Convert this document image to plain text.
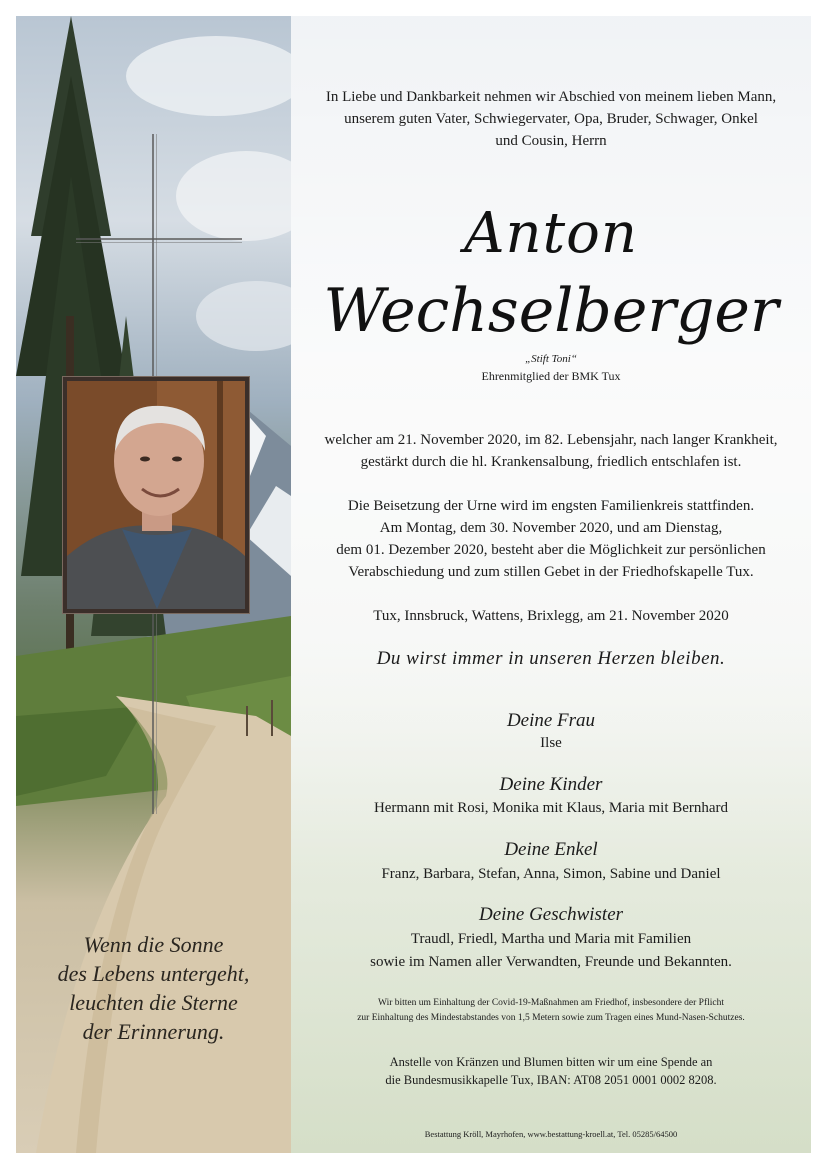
Wenn die Sonne
des Lebens untergeht,
leuchten die Sterne
der Erinnerung.
In Liebe und Dankbarkeit nehmen wir Abschied von meinem lieben Mann,
unserem guten Vater, Schwiegervater, Opa, Bruder, Schwager, Onkel
und Cousin, Herrn
Anton
Wechselberger
„Stift Toni“
Ehrenmitglied der BMK Tux
welcher am 21. November 2020, im 82. Lebensjahr, nach langer Krankheit,
gestärkt durch die hl. Krankensalbung, friedlich entschlafen ist.
Die Beisetzung der Urne wird im engsten Familienkreis stattfinden.
Am Montag, dem 30. November 2020, und am Dienstag,
dem 01. Dezember 2020, besteht aber die Möglichkeit zur persönlichen
Verabschiedung und zum stillen Gebet in der Friedhofskapelle Tux.
Tux, Innsbruck, Wattens, Brixlegg, am 21. November 2020
Du wirst immer in unseren Herzen bleiben.
Deine Frau
Ilse
Deine Kinder
Hermann mit Rosi, Monika mit Klaus, Maria mit Bernhard
Deine Enkel
Franz, Barbara, Stefan, Anna, Simon, Sabine und Daniel
Deine Geschwister
Traudl, Friedl, Martha und Maria mit Familien
sowie im Namen aller Verwandten, Freunde und Bekannten.
Wir bitten um Einhaltung der Covid-19-Maßnahmen am Friedhof, insbesondere der Pflicht
zur Einhaltung des Mindestabstandes von 1,5 Metern sowie zum Tragen eines Mund-Nasen-Schutzes.
Anstelle von Kränzen und Blumen bitten wir um eine Spende an
die Bundesmusikkapelle Tux, IBAN: AT08 2051 0001 0002 8208.
Bestattung Kröll, Mayrhofen, www.bestattung-kroell.at, Tel. 05285/64500
